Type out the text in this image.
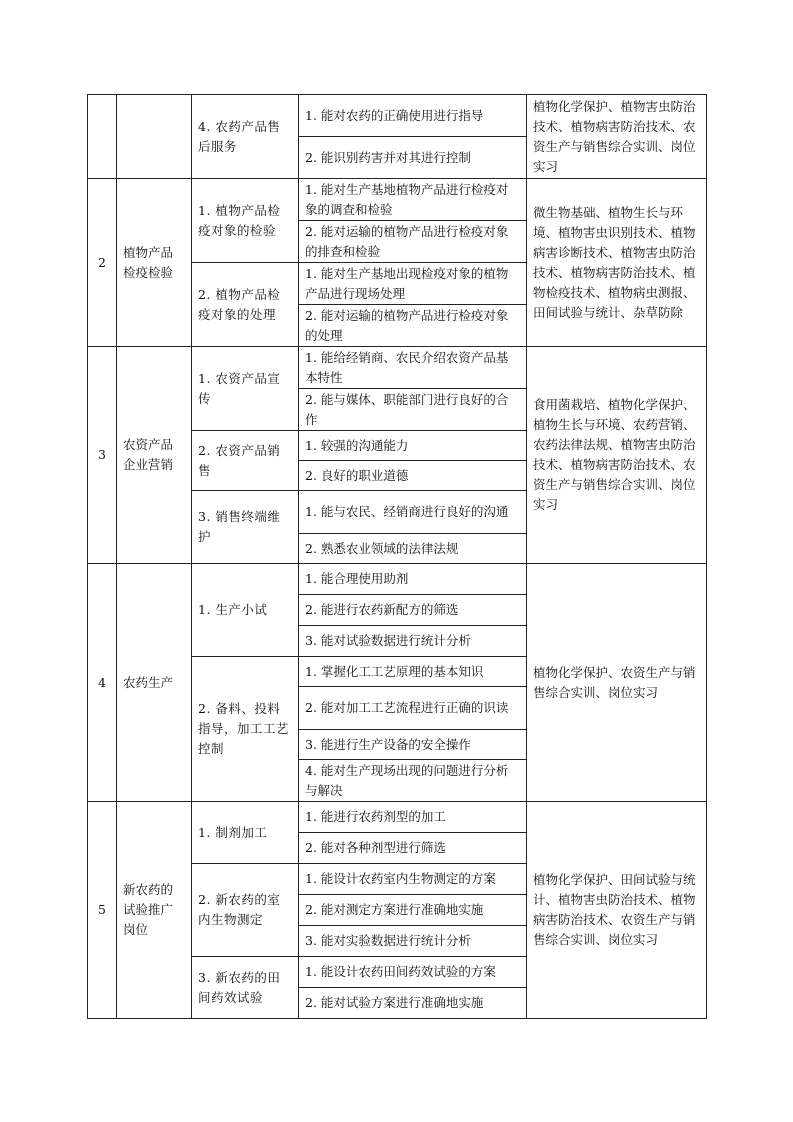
		4. 农药产品售后服务	1. 能对农药的正确使用进行指导	植物化学保护、植物害虫防治技术、植物病害防治技术、农资生产与销售综合实训、岗位实习
			2. 能识别药害并对其进行控制	
2	植物产品检疫检验	1. 植物产品检疫对象的检验	1. 能对生产基地植物产品进行检疫对象的调查和检验	微生物基础、植物生长与环境、植物害虫识别技术、植物病害诊断技术、植物害虫防治技术、植物病害防治技术、植物检疫技术、植物病虫测报、田间试验与统计、杂草防除
			2. 能对运输的植物产品进行检疫对象的排查和检验	
		2. 植物产品检疫对象的处理	1. 能对生产基地出现检疫对象的植物产品进行现场处理	
			2. 能对运输的植物产品进行检疫对象的处理	
3	农资产品企业营销	1. 农资产品宣传	1. 能给经销商、农民介绍农资产品基本特性	食用菌栽培、植物化学保护、植物生长与环境、农药营销、农药法律法规、植物害虫防治技术、植物病害防治技术、农资生产与销售综合实训、岗位实习
			2. 能与媒体、职能部门进行良好的合作	
		2. 农资产品销售	1. 较强的沟通能力	
			2. 良好的职业道德	
		3. 销售终端维护	1. 能与农民、经销商进行良好的沟通	
			2. 熟悉农业领域的法律法规	
4	农药生产	1. 生产小试	1. 能合理使用助剂	植物化学保护、农资生产与销售综合实训、岗位实习
			2. 能进行农药新配方的筛选	
			3. 能对试验数据进行统计分析	
		2. 备料、投料指导，加工工艺控制	1. 掌握化工工艺原理的基本知识	
			2. 能对加工工艺流程进行正确的识读	
			3. 能进行生产设备的安全操作	
			4. 能对生产现场出现的问题进行分析与解决	
5	新农药的试验推广岗位	1. 制剂加工	1. 能进行农药剂型的加工	植物化学保护、田间试验与统计、植物害虫防治技术、植物病害防治技术、农资生产与销售综合实训、岗位实习
			2. 能对各种剂型进行筛选	
		2. 新农药的室内生物测定	1. 能设计农药室内生物测定的方案	
			2. 能对测定方案进行准确地实施	
			3. 能对实验数据进行统计分析	
		3. 新农药的田间药效试验	1. 能设计农药田间药效试验的方案	
			2. 能对试验方案进行准确地实施	
